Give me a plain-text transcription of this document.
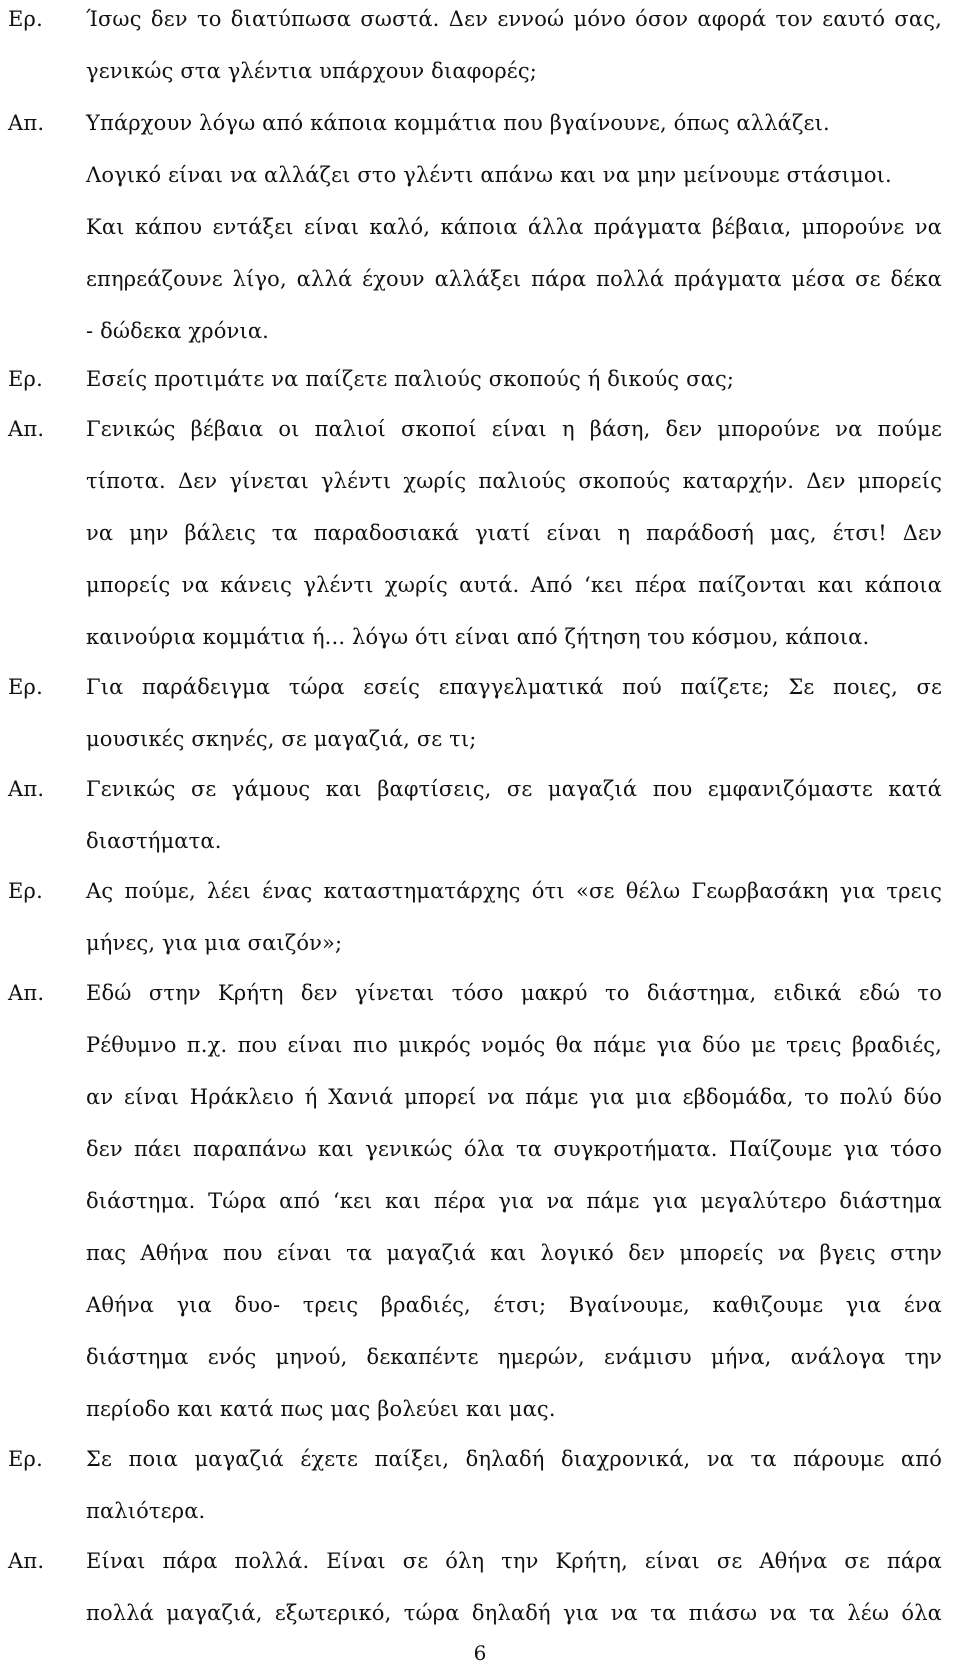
Ερ.	Ίσως δεν το διατύπωσα σωστά. Δεν εννοώ μόνο όσον αφορά τον εαυτό σας,
γενικώς στα γλέντια υπάρχουν διαφορές;
Απ.	Υπάρχουν λόγω από κάποια κομμάτια που βγαίνουνε, όπως αλλάζει.
Λογικό είναι να αλλάζει στο γλέντι απάνω και να μην μείνουμε στάσιμοι.
Και κάπου εντάξει είναι καλό, κάποια άλλα πράγματα βέβαια, μπορούνε να
επηρεάζουνε λίγο, αλλά έχουν αλλάξει πάρα πολλά πράγματα μέσα σε δέκα
- δώδεκα χρόνια.
Ερ.	Εσείς προτιμάτε να παίζετε παλιούς σκοπούς ή δικούς σας;
Απ.	Γενικώς βέβαια οι παλιοί σκοποί είναι η βάση, δεν μπορούνε να πούμε
τίποτα. Δεν γίνεται γλέντι χωρίς παλιούς σκοπούς καταρχήν. Δεν μπορείς
να μην βάλεις τα παραδοσιακά γιατί είναι η παράδοσή μας, έτσι! Δεν
μπορείς να κάνεις γλέντι χωρίς αυτά. Από ‘κει πέρα παίζονται και κάποια
καινούρια κομμάτια ή... λόγω ότι είναι από ζήτηση του κόσμου, κάποια.
Ερ.	Για παράδειγμα τώρα εσείς επαγγελματικά πού παίζετε; Σε ποιες, σε
μουσικές σκηνές, σε μαγαζιά, σε τι;
Απ.	Γενικώς σε γάμους και βαφτίσεις, σε μαγαζιά που εμφανιζόμαστε κατά
διαστήματα.
Ερ.	Ας πούμε, λέει ένας καταστηματάρχης ότι «σε θέλω Γεωρβασάκη για τρεις
μήνες, για μια σαιζόν»;
Απ.	Εδώ στην Κρήτη δεν γίνεται τόσο μακρύ το διάστημα, ειδικά εδώ το
Ρέθυμνο π.χ. που είναι πιο μικρός νομός θα πάμε για δύο με τρεις βραδιές,
αν είναι Ηράκλειο ή Χανιά μπορεί να πάμε για μια εβδομάδα, το πολύ δύο
δεν πάει παραπάνω και γενικώς όλα τα συγκροτήματα. Παίζουμε για τόσο
διάστημα. Τώρα από ‘κει και πέρα για να πάμε για μεγαλύτερο διάστημα
πας Αθήνα που είναι τα μαγαζιά και λογικό δεν μπορείς να βγεις στην
Αθήνα για δυο- τρεις βραδιές, έτσι; Βγαίνουμε, καθιζουμε για ένα
διάστημα ενός μηνού, δεκαπέντε ημερών, ενάμισυ μήνα, ανάλογα την
περίοδο και κατά πως μας βολεύει και μας.
Ερ.	Σε ποια μαγαζιά έχετε παίξει, δηλαδή διαχρονικά, να τα πάρουμε από
παλιότερα.
Απ.	Είναι πάρα πολλά. Είναι σε όλη την Κρήτη, είναι σε Αθήνα σε πάρα
πολλά μαγαζιά, εξωτερικό, τώρα δηλαδή για να τα πιάσω να τα λέω όλα
6
